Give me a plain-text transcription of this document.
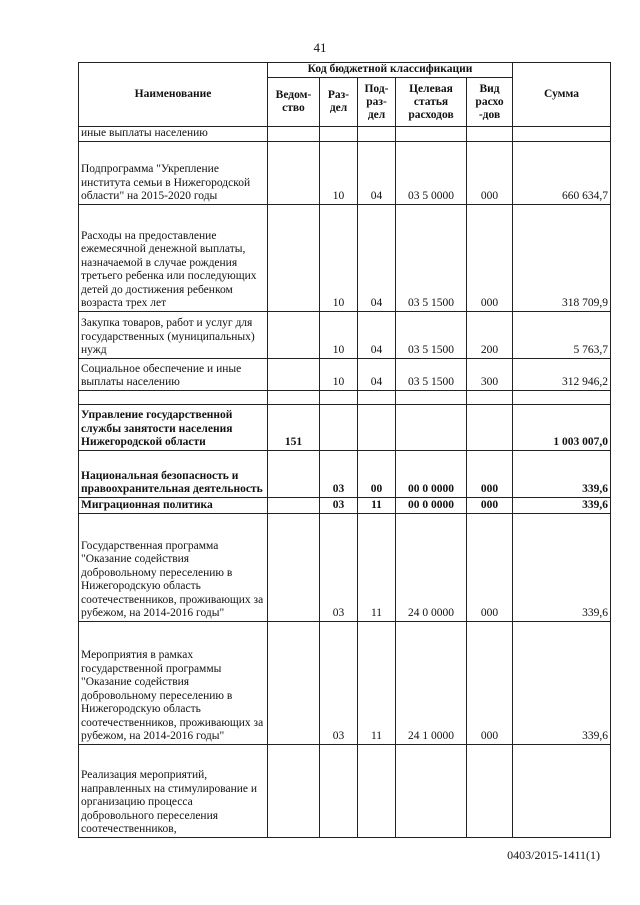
41
Наименование	Код бюджетной классификации					Сумма
	Ведом-ство	Раз-дел	Под-раз-дел	Целевая статья расходов	Вид расхо -дов	
иные выплаты населению						
Подпрограмма "Укрепление института семьи в Нижегородской области" на 2015-2020 годы		10	04	03 5 0000	000	660 634,7
Расходы на предоставление ежемесячной денежной выплаты, назначаемой в случае рождения третьего ребенка или последующих детей до достижения ребенком возраста трех лет		10	04	03 5 1500	000	318 709,9
Закупка товаров, работ и услуг для государственных (муниципальных) нужд		10	04	03 5 1500	200	5 763,7
Социальное обеспечение и иные выплаты населению		10	04	03 5 1500	300	312 946,2

Управление государственной службы занятости населения Нижегородской области	151					1 003 007,0
Национальная безопасность и правоохранительная деятельность		03	00	00 0 0000	000	339,6
Миграционная политика		03	11	00 0 0000	000	339,6
Государственная программа "Оказание содействия добровольному переселению в Нижегородскую область соотечественников, проживающих за рубежом, на 2014-2016 годы"		03	11	24 0 0000	000	339,6
Мероприятия в рамках государственной программы "Оказание содействия добровольному переселению в Нижегородскую область соотечественников, проживающих за рубежом, на 2014-2016 годы"		03	11	24 1 0000	000	339,6
Реализация мероприятий, направленных на стимулирование и организацию процесса добровольного переселения соотечественников,						
0403/2015-1411(1)
